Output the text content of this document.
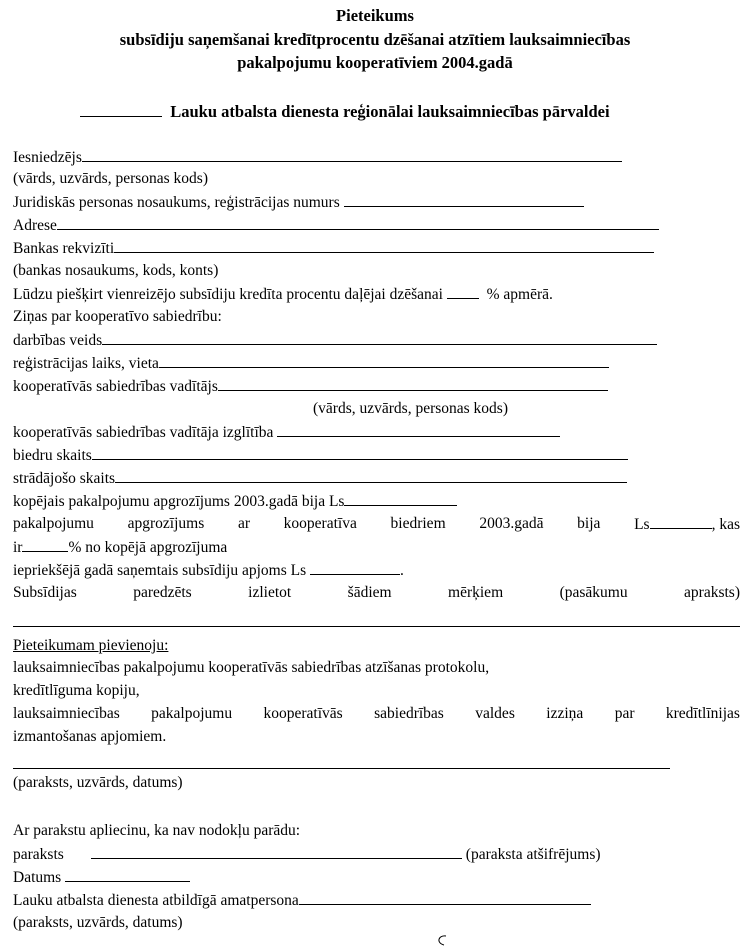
Pieteikums
subsīdiju saņemšanai kredītprocentu dzēšanai atzītiem lauksaimniecības
pakalpojumu kooperatīviem 2004.gadā
Lauku atbalsta dienesta reģionālai lauksaimniecības pārvaldei
Iesniedzējs
(vārds, uzvārds, personas kods)
Juridiskās personas nosaukums, reģistrācijas numurs
Adrese
Bankas rekvizīti
(bankas nosaukums, kods, konts)
Lūdzu piešķirt vienreizējo subsīdiju kredīta procentu daļējai dzēšanai	% apmērā.
Ziņas par kooperatīvo sabiedrību:
darbības veids
reģistrācijas laiks, vieta
kooperatīvās sabiedrības vadītājs
(vārds, uzvārds, personas kods)
kooperatīvās sabiedrības vadītāja izglītība
biedru skaits
strādājošo skaits
kopējais pakalpojumu apgrozījums 2003.gadā bija Ls
pakalpojumu apgrozījums ar kooperatīva biedriem 2003.gadā bija Ls	, kas
ir	% no kopējā apgrozījuma
iepriekšējā gadā saņemtais subsīdiju apjoms Ls	.
Subsīdijas	paredzēts	izlietot	šādiem	mērķiem	(pasākumu	apraksts)
Pieteikumam pievienoju:
lauksaimniecības pakalpojumu kooperatīvās sabiedrības atzīšanas protokolu,
kredītlīguma kopiju,
lauksaimniecības pakalpojumu kooperatīvās sabiedrības valdes izziņa par kredītlīnijas
izmantošanas apjomiem.
(paraksts, uzvārds, datums)
Ar parakstu apliecinu, ka nav nodokļu parādu:
paraksts	(paraksta atšifrējums)
Datums
Lauku atbalsta dienesta atbildīgā amatpersona
(paraksts, uzvārds, datums)
